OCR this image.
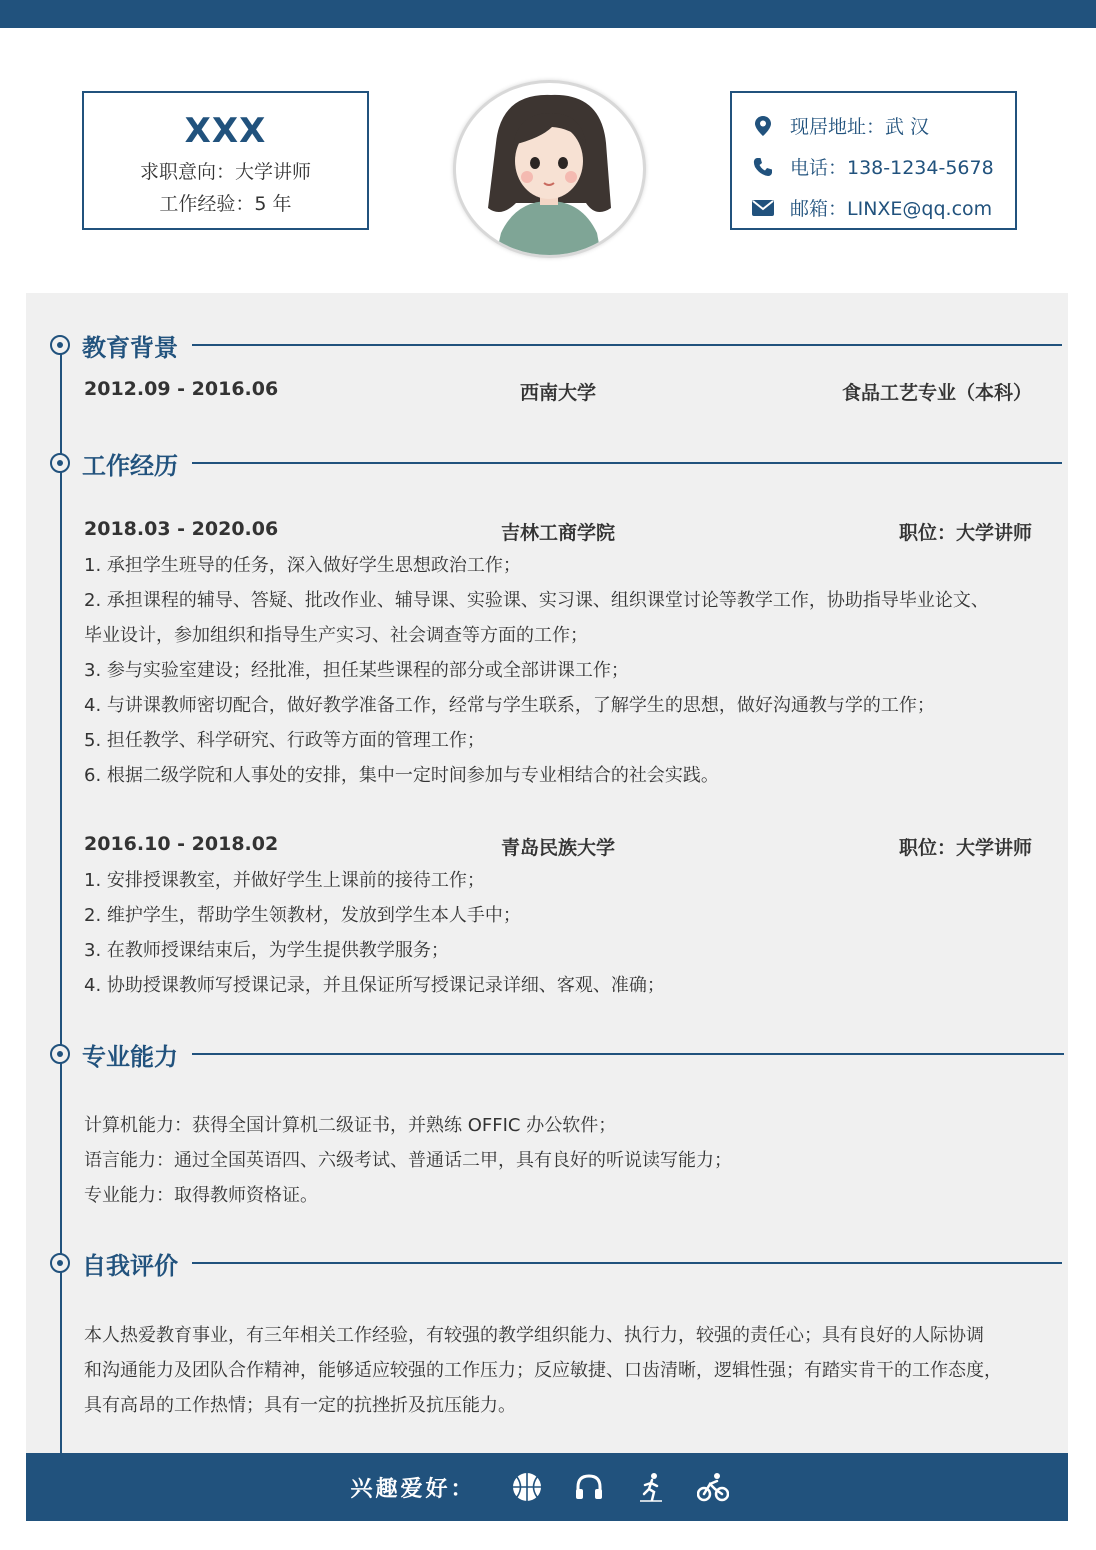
XXX
求职意向：大学讲师
工作经验：5 年
现居地址：武 汉
电话：138-1234-5678
邮箱：LINXE@qq.com
教育背景
2012.09 - 2016.06	西南大学	食品工艺专业（本科）
工作经历
2018.03 - 2020.06	吉林工商学院	职位：大学讲师
1. 承担学生班导的任务，深入做好学生思想政治工作；
2. 承担课程的辅导、答疑、批改作业、辅导课、实验课、实习课、组织课堂讨论等教学工作，协助指导毕业论文、
毕业设计，参加组织和指导生产实习、社会调查等方面的工作；
3. 参与实验室建设；经批准，担任某些课程的部分或全部讲课工作；
4. 与讲课教师密切配合，做好教学准备工作，经常与学生联系，了解学生的思想，做好沟通教与学的工作；
5. 担任教学、科学研究、行政等方面的管理工作；
6. 根据二级学院和人事处的安排，集中一定时间参加与专业相结合的社会实践。
2016.10 - 2018.02	青岛民族大学	职位：大学讲师
1. 安排授课教室，并做好学生上课前的接待工作；
2. 维护学生，帮助学生领教材，发放到学生本人手中；
3. 在教师授课结束后，为学生提供教学服务；
4. 协助授课教师写授课记录，并且保证所写授课记录详细、客观、准确；
专业能力
计算机能力：获得全国计算机二级证书，并熟练 OFFIC 办公软件；
语言能力：通过全国英语四、六级考试、普通话二甲，具有良好的听说读写能力；
专业能力：取得教师资格证。
自我评价
本人热爱教育事业，有三年相关工作经验，有较强的教学组织能力、执行力，较强的责任心；具有良好的人际协调
和沟通能力及团队合作精神，能够适应较强的工作压力；反应敏捷、口齿清晰，逻辑性强；有踏实肯干的工作态度，
具有高昂的工作热情；具有一定的抗挫折及抗压能力。
兴趣爱好：
